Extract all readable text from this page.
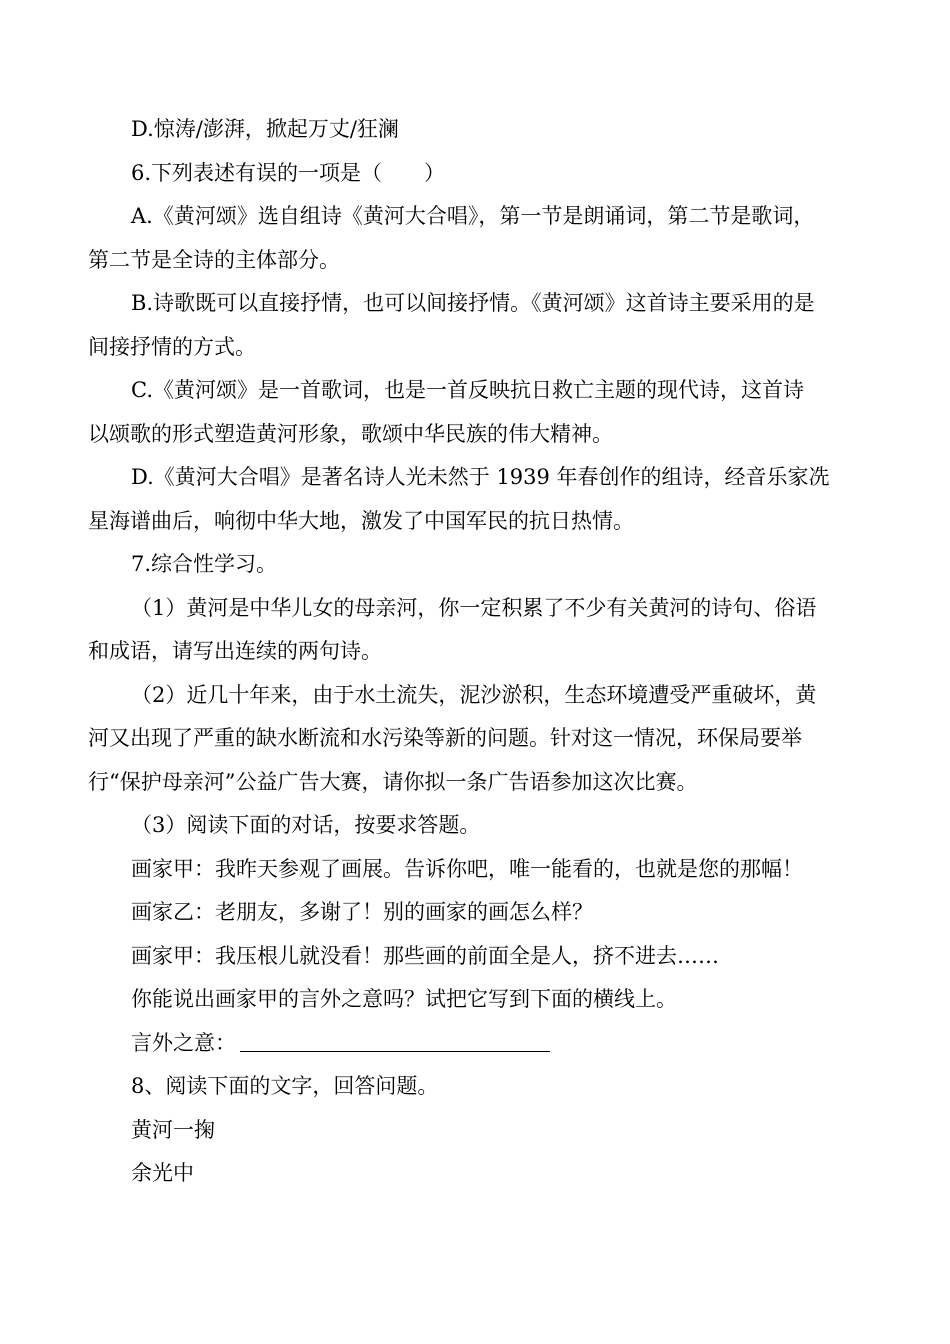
D.惊涛/澎湃，掀起万丈/狂澜

6.下列表述有误的一项是（　　）

A.《黄河颂》选自组诗《黄河大合唱》，第一节是朗诵词，第二节是歌词，

第二节是全诗的主体部分。

B.诗歌既可以直接抒情，也可以间接抒情。《黄河颂》这首诗主要采用的是

间接抒情的方式。

C.《黄河颂》是一首歌词，也是一首反映抗日救亡主题的现代诗，这首诗

以颂歌的形式塑造黄河形象，歌颂中华民族的伟大精神。

D.《黄河大合唱》是著名诗人光未然于 1939 年春创作的组诗，经音乐家冼

星海谱曲后，响彻中华大地，激发了中国军民的抗日热情。

7.综合性学习。

（1）黄河是中华儿女的母亲河，你一定积累了不少有关黄河的诗句、俗语

和成语，请写出连续的两句诗。

（2）近几十年来，由于水土流失，泥沙淤积，生态环境遭受严重破坏，黄

河又出现了严重的缺水断流和水污染等新的问题。针对这一情况，环保局要举

行“保护母亲河”公益广告大赛，请你拟一条广告语参加这次比赛。

（3）阅读下面的对话，按要求答题。

画家甲：我昨天参观了画展。告诉你吧，唯一能看的，也就是您的那幅！

画家乙：老朋友，多谢了！别的画家的画怎么样？

画家甲：我压根儿就没看！那些画的前面全是人，挤不进去……

你能说出画家甲的言外之意吗？试把它写到下面的横线上。

言外之意：

8、阅读下面的文字，回答问题。

黄河一掬

余光中
